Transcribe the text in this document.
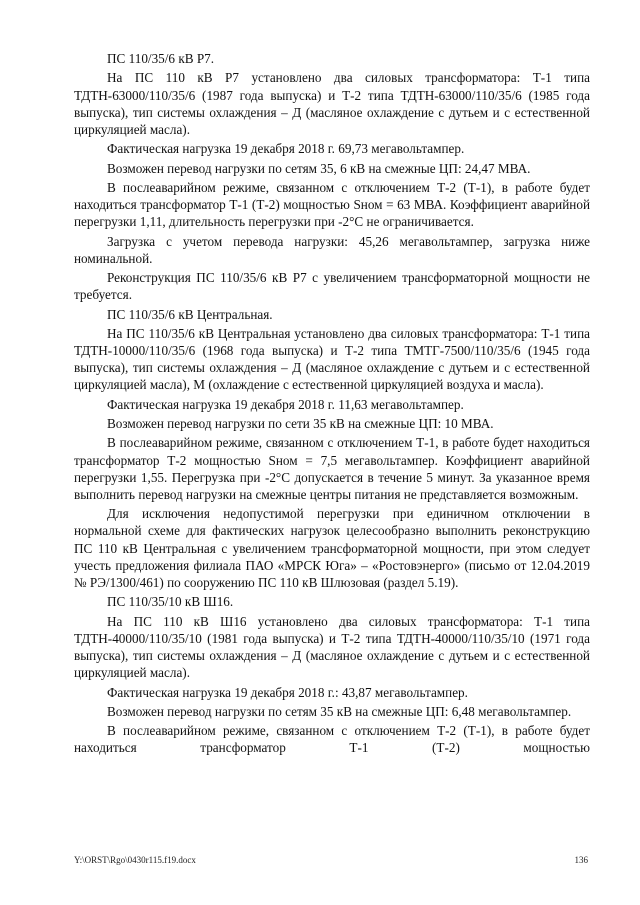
ПС 110/35/6 кВ Р7.

На ПС 110 кВ Р7 установлено два силовых трансформатора: Т-1 типа ТДТН-63000/110/35/6 (1987 года выпуска) и Т-2 типа ТДТН-63000/110/35/6 (1985 года выпуска), тип системы охлаждения – Д (масляное охлаждение с дутьем и с естественной циркуляцией масла).

Фактическая нагрузка 19 декабря 2018 г. 69,73 мегавольтампер.

Возможен перевод нагрузки по сетям 35, 6 кВ на смежные ЦП: 24,47 МВА.

В послеаварийном режиме, связанном с отключением Т-2 (Т-1), в работе будет находиться трансформатор Т-1 (Т-2) мощностью Sном = 63 МВА. Коэффициент аварийной перегрузки 1,11, длительность перегрузки при -2°С не ограничивается.

Загрузка с учетом перевода нагрузки: 45,26 мегавольтампер, загрузка ниже номинальной.

Реконструкция ПС 110/35/6 кВ Р7 с увеличением трансформаторной мощности не требуется.

ПС 110/35/6 кВ Центральная.

На ПС 110/35/6 кВ Центральная установлено два силовых трансформатора: Т-1 типа ТДТН-10000/110/35/6 (1968 года выпуска) и Т-2 типа ТМТГ-7500/110/35/6 (1945 года выпуска), тип системы охлаждения – Д (масляное охлаждение с дутьем и с естественной циркуляцией масла), М (охлаждение с естественной циркуляцией воздуха и масла).

Фактическая нагрузка 19 декабря 2018 г. 11,63 мегавольтампер.

Возможен перевод нагрузки по сети 35 кВ на смежные ЦП: 10 МВА.

В послеаварийном режиме, связанном с отключением Т-1, в работе будет находиться трансформатор Т-2 мощностью Sном = 7,5 мегавольтампер. Коэффициент аварийной перегрузки 1,55. Перегрузка при -2°С допускается в течение 5 минут. За указанное время выполнить перевод нагрузки на смежные центры питания не представляется возможным.

Для исключения недопустимой перегрузки при единичном отключении в нормальной схеме для фактических нагрузок целесообразно выполнить реконструкцию ПС 110 кВ Центральная с увеличением трансформаторной мощности, при этом следует учесть предложения филиала ПАО «МРСК Юга» – «Ростовэнерго» (письмо от 12.04.2019 № РЭ/1300/461) по сооружению ПС 110 кВ Шлюзовая (раздел 5.19).

ПС 110/35/10 кВ Ш16.

На ПС 110 кВ Ш16 установлено два силовых трансформатора: Т-1 типа ТДТН-40000/110/35/10 (1981 года выпуска) и Т-2 типа ТДТН-40000/110/35/10 (1971 года выпуска), тип системы охлаждения – Д (масляное охлаждение с дутьем и с естественной циркуляцией масла).

Фактическая нагрузка 19 декабря 2018 г.: 43,87 мегавольтампер.

Возможен перевод нагрузки по сетям 35 кВ на смежные ЦП: 6,48 мегавольтампер.

В послеаварийном режиме, связанном с отключением Т-2 (Т-1), в работе будет находиться трансформатор Т-1 (Т-2) мощностью

Y:\ORST\Rgo\0430r115.f19.docx	136
